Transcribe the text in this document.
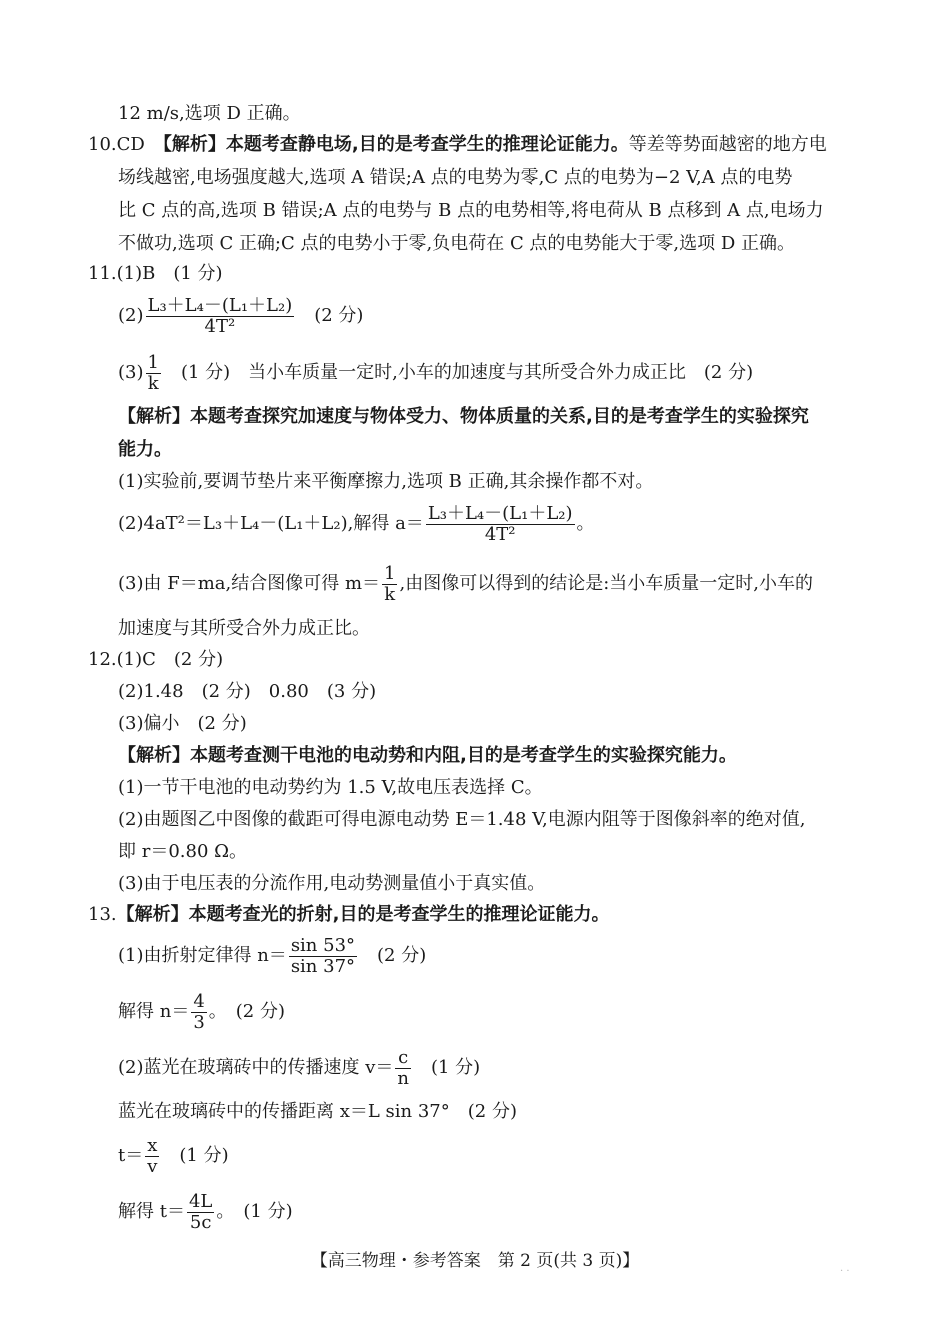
12 m/s,选项 D 正确。
10.CD　 【解析】本题考查静电场,目的是考查学生的推理论证能力。等差等势面越密的地方电
场线越密,电场强度越大,选项 A 错误;A 点的电势为零,C 点的电势为−2 V,A 点的电势
比 C 点的高,选项 B 错误;A 点的电势与 B 点的电势相等,将电荷从 B 点移到 A 点,电场力
不做功,选项 C 正确;C 点的电势小于零,负电荷在 C 点的电势能大于零,选项 D 正确。
11.(1)B　(1 分)
$(2) \frac{\text{L₃＋L₄－(L₁＋L₂)}}{\text{4T²}}$
　 (2 分)
$(3) \frac{1}{k}$
　 (1 分)　当小车质量一定时,小车的加速度与其所受合外力成正比　(2 分)
【解析】本题考查探究加速度与物体受力、物体质量的关系,目的是考查学生的实验探究
能力。
(1)实验前,要调节垫片来平衡摩擦力,选项 B 正确,其余操作都不对。
(2)4aT²＝L₃＋L₄－(L₁＋L₂),解得 $a= \frac{\text{L₃＋L₄－(L₁＋L₂)}}{\text{4T²}}$ 。
(3)由 F＝ma,结合图像可得 $m= \frac{1}{k}$ ,由图像可以得到的结论是:当小车质量一定时,小车的
加速度与其所受合外力成正比。
12.(1)C　(2 分)
(2)1.48　(2 分)　0.80　(3 分)
(3)偏小　(2 分)
【解析】本题考查测干电池的电动势和内阻,目的是考查学生的实验探究能力。
(1)一节干电池的电动势约为 1.5 V,故电压表选择 C。
(2)由题图乙中图像的截距可得电源电动势 E＝1.48 V,电源内阻等于图像斜率的绝对值,
即 r＝0.80 Ω。
(3)由于电压表的分流作用,电动势测量值小于真实值。
13.【解析】本题考查光的折射,目的是考查学生的推理论证能力。
(1)由折射定律得 $n= \frac{\sin 53^\circ}{\sin 37^\circ}$
　 (2 分)
解得 $n= \frac{4}{3}$ 。　(2 分)
(2)蓝光在玻璃砖中的传播速度 $v= \frac{c}{n}$
　 (1 分)
蓝光在玻璃砖中的传播距离 x＝L sin 37°　(2 分)
$t= \frac{x}{v}$
　 (1 分)
解得 $t= \frac{4L}{5c}$ 。　(1 分)
【高三物理・参考答案　第 2 页(共 3 页)】
· ·
